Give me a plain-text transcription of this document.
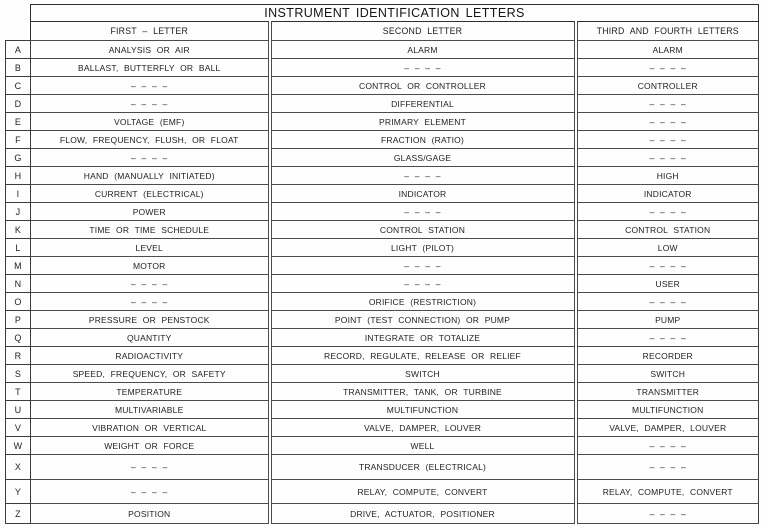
	INSTRUMENT IDENTIFICATION LETTERS		
	FIRST – LETTER	SECOND LETTER	THIRD AND FOURTH LETTERS
A	ANALYSIS OR AIR	ALARM	ALARM
B	BALLAST, BUTTERFLY OR BALL	– – – –	– – – –
C	– – – –	CONTROL OR CONTROLLER	CONTROLLER
D	– – – –	DIFFERENTIAL	– – – –
E	VOLTAGE (EMF)	PRIMARY ELEMENT	– – – –
F	FLOW, FREQUENCY, FLUSH, OR FLOAT	FRACTION (RATIO)	– – – –
G	– – – –	GLASS/GAGE	– – – –
H	HAND (MANUALLY INITIATED)	– – – –	HIGH
I	CURRENT (ELECTRICAL)	INDICATOR	INDICATOR
J	POWER	– – – –	– – – –
K	TIME OR TIME SCHEDULE	CONTROL STATION	CONTROL STATION
L	LEVEL	LIGHT (PILOT)	LOW
M	MOTOR	– – – –	– – – –
N	– – – –	– – – –	USER
O	– – – –	ORIFICE (RESTRICTION)	– – – –
P	PRESSURE OR PENSTOCK	POINT (TEST CONNECTION) OR PUMP	PUMP
Q	QUANTITY	INTEGRATE OR TOTALIZE	– – – –
R	RADIOACTIVITY	RECORD, REGULATE, RELEASE OR RELIEF	RECORDER
S	SPEED, FREQUENCY, OR SAFETY	SWITCH	SWITCH
T	TEMPERATURE	TRANSMITTER, TANK, OR TURBINE	TRANSMITTER
U	MULTIVARIABLE	MULTIFUNCTION	MULTIFUNCTION
V	VIBRATION OR VERTICAL	VALVE, DAMPER, LOUVER	VALVE, DAMPER, LOUVER
W	WEIGHT OR FORCE	WELL	– – – –
X	– – – –	TRANSDUCER (ELECTRICAL)	– – – –
Y	– – – –	RELAY, COMPUTE, CONVERT	RELAY, COMPUTE, CONVERT
Z	POSITION	DRIVE, ACTUATOR, POSITIONER	– – – –
